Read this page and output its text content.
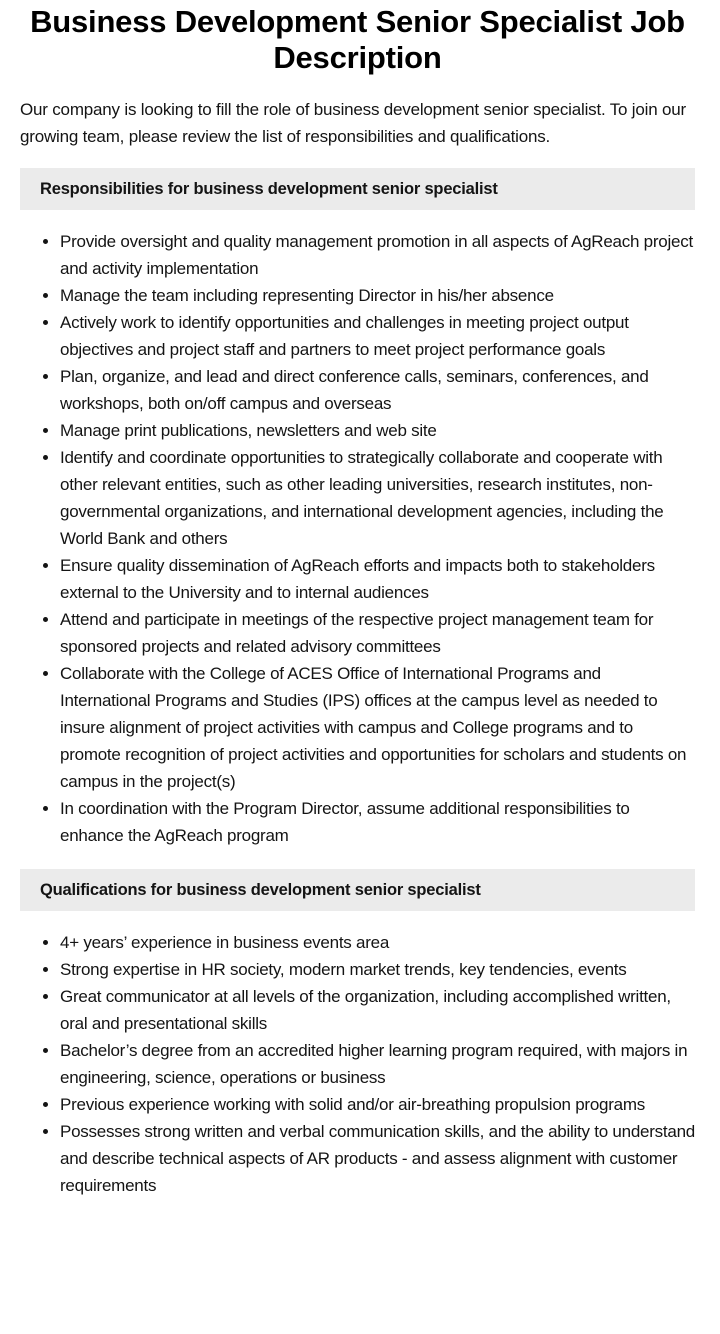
Business Development Senior Specialist Job Description

Our company is looking to fill the role of business development senior specialist. To join our growing team, please review the list of responsibilities and qualifications.

Responsibilities for business development senior specialist
• Provide oversight and quality management promotion in all aspects of AgReach project and activity implementation
• Manage the team including representing Director in his/her absence
• Actively work to identify opportunities and challenges in meeting project output objectives and project staff and partners to meet project performance goals
• Plan, organize, and lead and direct conference calls, seminars, conferences, and workshops, both on/off campus and overseas
• Manage print publications, newsletters and web site
• Identify and coordinate opportunities to strategically collaborate and cooperate with other relevant entities, such as other leading universities, research institutes, non-governmental organizations, and international development agencies, including the World Bank and others
• Ensure quality dissemination of AgReach efforts and impacts both to stakeholders external to the University and to internal audiences
• Attend and participate in meetings of the respective project management team for sponsored projects and related advisory committees
• Collaborate with the College of ACES Office of International Programs and International Programs and Studies (IPS) offices at the campus level as needed to insure alignment of project activities with campus and College programs and to promote recognition of project activities and opportunities for scholars and students on campus in the project(s)
• In coordination with the Program Director, assume additional responsibilities to enhance the AgReach program
Qualifications for business development senior specialist
• 4+ years’ experience in business events area
• Strong expertise in HR society, modern market trends, key tendencies, events
• Great communicator at all levels of the organization, including accomplished written, oral and presentational skills
• Bachelor’s degree from an accredited higher learning program required, with majors in engineering, science, operations or business
• Previous experience working with solid and/or air-breathing propulsion programs
• Possesses strong written and verbal communication skills, and the ability to understand and describe technical aspects of AR products - and assess alignment with customer requirements
